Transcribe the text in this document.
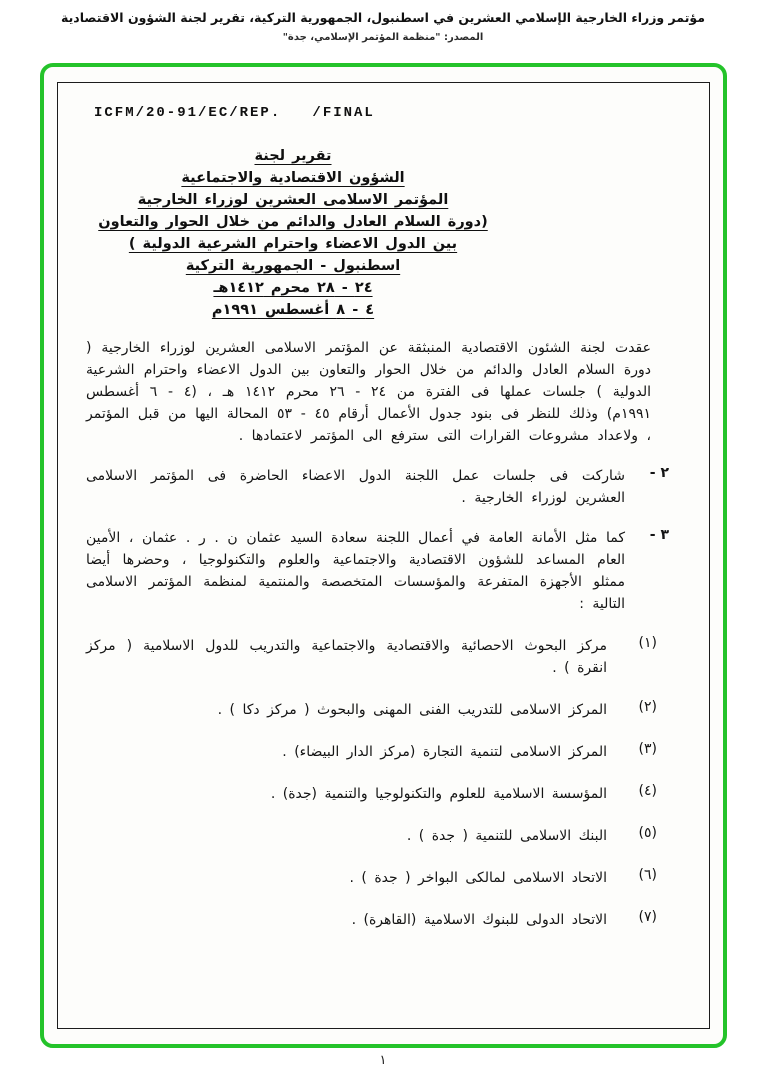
مؤتمر وزراء الخارجية الإسلامي العشرين في اسطنبول، الجمهورية التركية، تقرير لجنة الشؤون الاقتصادية
المصدر: "منظمة المؤتمر الإسلامي، جدة"
ICFM/20-91/EC/REP.   /FINAL
تقرير لجنة
الشؤون الاقتصادية والاجتماعية
المؤتمر الاسلامى العشرين لوزراء الخارجية
(دورة السلام العادل والدائم من خلال الحوار والتعاون
بين الدول الاعضاء واحترام الشرعية الدولية )
اسطنبول - الجمهورية التركية
٢٤ - ٢٨ محرم ١٤١٢هـ
٤ - ٨ أغسطس ١٩٩١م
عقدت لجنة الشئون الاقتصادية المنبثقة عن المؤتمر الاسلامى العشرين لوزراء الخارجية ( دورة السلام العادل والدائم من خلال الحوار والتعاون بين الدول الاعضاء واحترام الشرعية الدولية ) جلسات عملها فى الفترة من ٢٤ - ٢٦ محرم ١٤١٢ هـ ، (٤ - ٦ أغسطس ١٩٩١م) وذلك للنظر فى بنود جدول الأعمال أرقام ٤٥ - ٥٣ المحالة اليها من قبل المؤتمر ، ولاعداد مشروعات القرارات التى سترفع الى المؤتمر لاعتمادها .
٢ -
شاركت فى جلسات عمل اللجنة الدول الاعضاء الحاضرة فى المؤتمر الاسلامى العشرين لوزراء الخارجية .
٣ -
كما مثل الأمانة العامة في أعمال اللجنة سعادة السيد عثمان ن . ر . عثمان ، الأمين العام المساعد للشؤون الاقتصادية والاجتماعية والعلوم والتكنولوجيا ، وحضرها أيضا ممثلو الأجهزة المتفرعة والمؤسسات المتخصصة والمنتمية لمنظمة المؤتمر الاسلامى التالية :
(١)
مركز البحوث الاحصائية والاقتصادية والاجتماعية والتدريب للدول الاسلامية ( مركز انقرة ) .
(٢)
المركز الاسلامى للتدريب الفنى المهنى والبحوث ( مركز دكا ) .
(٣)
المركز الاسلامى لتنمية التجارة (مركز الدار البيضاء) .
(٤)
المؤسسة الاسلامية للعلوم والتكنولوجيا والتنمية (جدة) .
(٥)
البنك الاسلامى للتنمية ( جدة ) .
(٦)
الاتحاد الاسلامى لمالكى البواخر ( جدة ) .
(٧)
الاتحاد الدولى للبنوك الاسلامية (القاهرة) .
١
